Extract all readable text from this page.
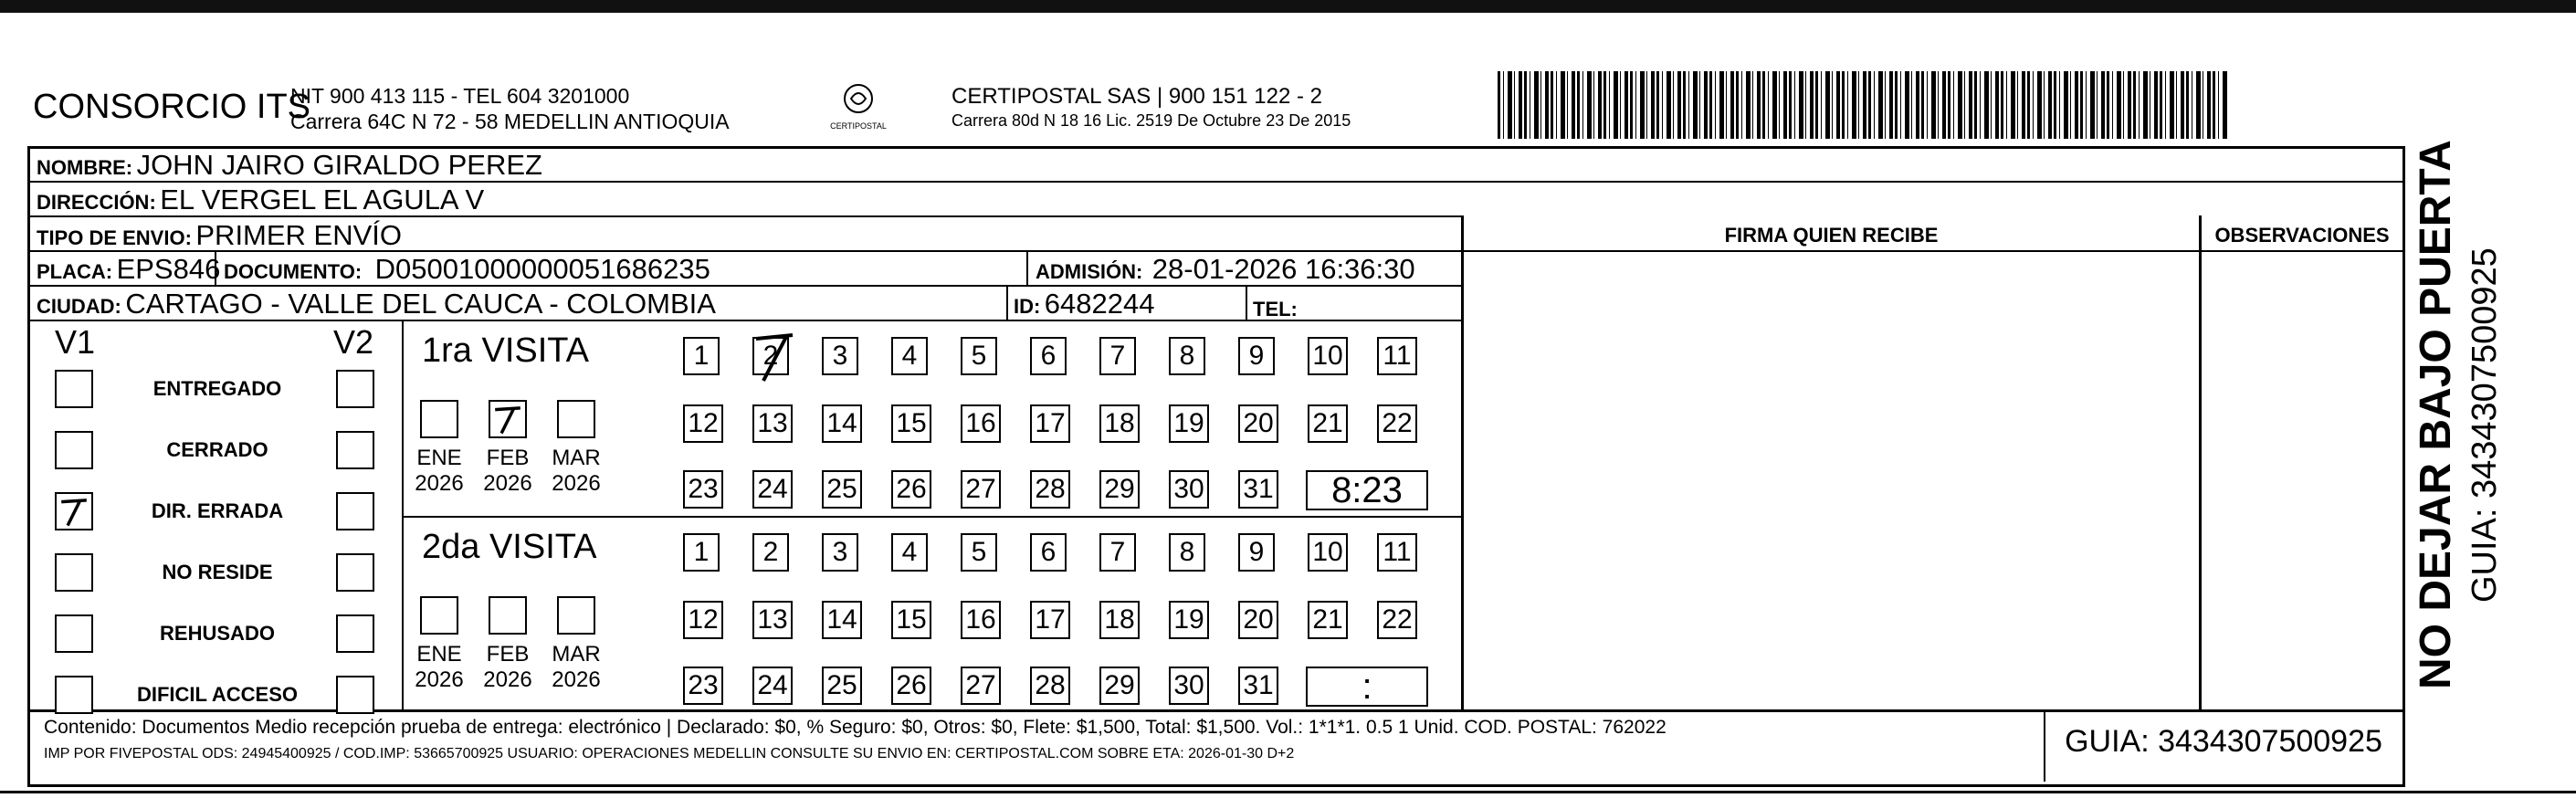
CONSORCIO ITS
NIT 900 413 115 - TEL 604 3201000
Carrera 64C N 72 - 58 MEDELLIN ANTIOQUIA	CERTIPOSTAL
CERTIPOSTAL SAS | 900 151 122 - 2
Carrera 80d N 18 16 Lic. 2519 De Octubre 23 De 2015
NOMBRE: JOHN JAIRO GIRALDO PEREZ
DIRECCIÓN: EL VERGEL EL AGULA V
TIPO DE ENVIO: PRIMER ENVÍO
PLACA: EPS846 DOCUMENTO: D05001000000051686235	ADMISIÓN: 28-01-2026 16:36:30
CIUDAD: CARTAGO - VALLE DEL CAUCA - COLOMBIA	ID: 6482244	TEL:
FIRMA QUIEN RECIBE	OBSERVACIONES
V1	V2
ENTREGADO
CERRADO
DIR. ERRADA
NO RESIDE
REHUSADO
DIFICIL ACCESO
1ra VISITA
ENE
2026
FEB
2026
MAR
2026
1	2	3	4	5	6	7	8	9	10 11
12 13 14 15 16 17 18 19 20 21 22
23 24 25 26 27 28 29 30 31	8:23
2da VISITA
ENE
2026
FEB
2026
MAR
2026
1	2	3	4	5	6	7	8	9	10 11
12 13 14 15 16 17 18 19 20 21 22
23 24 25 26 27 28 29 30 31	:
Contenido: Documentos Medio recepción prueba de entrega: electrónico | Declarado: $0, % Seguro: $0, Otros: $0, Flete: $1,500, Total: $1,500. Vol.: 1*1*1. 0.5 1 Unid. COD. POSTAL: 762022
IMP POR FIVEPOSTAL ODS: 24945400925 / COD.IMP: 53665700925 USUARIO: OPERACIONES MEDELLIN CONSULTE SU ENVIO EN: CERTIPOSTAL.COM SOBRE ETA: 2026-01-30 D+2	GUIA: 3434307500925
NO DEJAR BAJO PUERTA GUIA: 3434307500925
